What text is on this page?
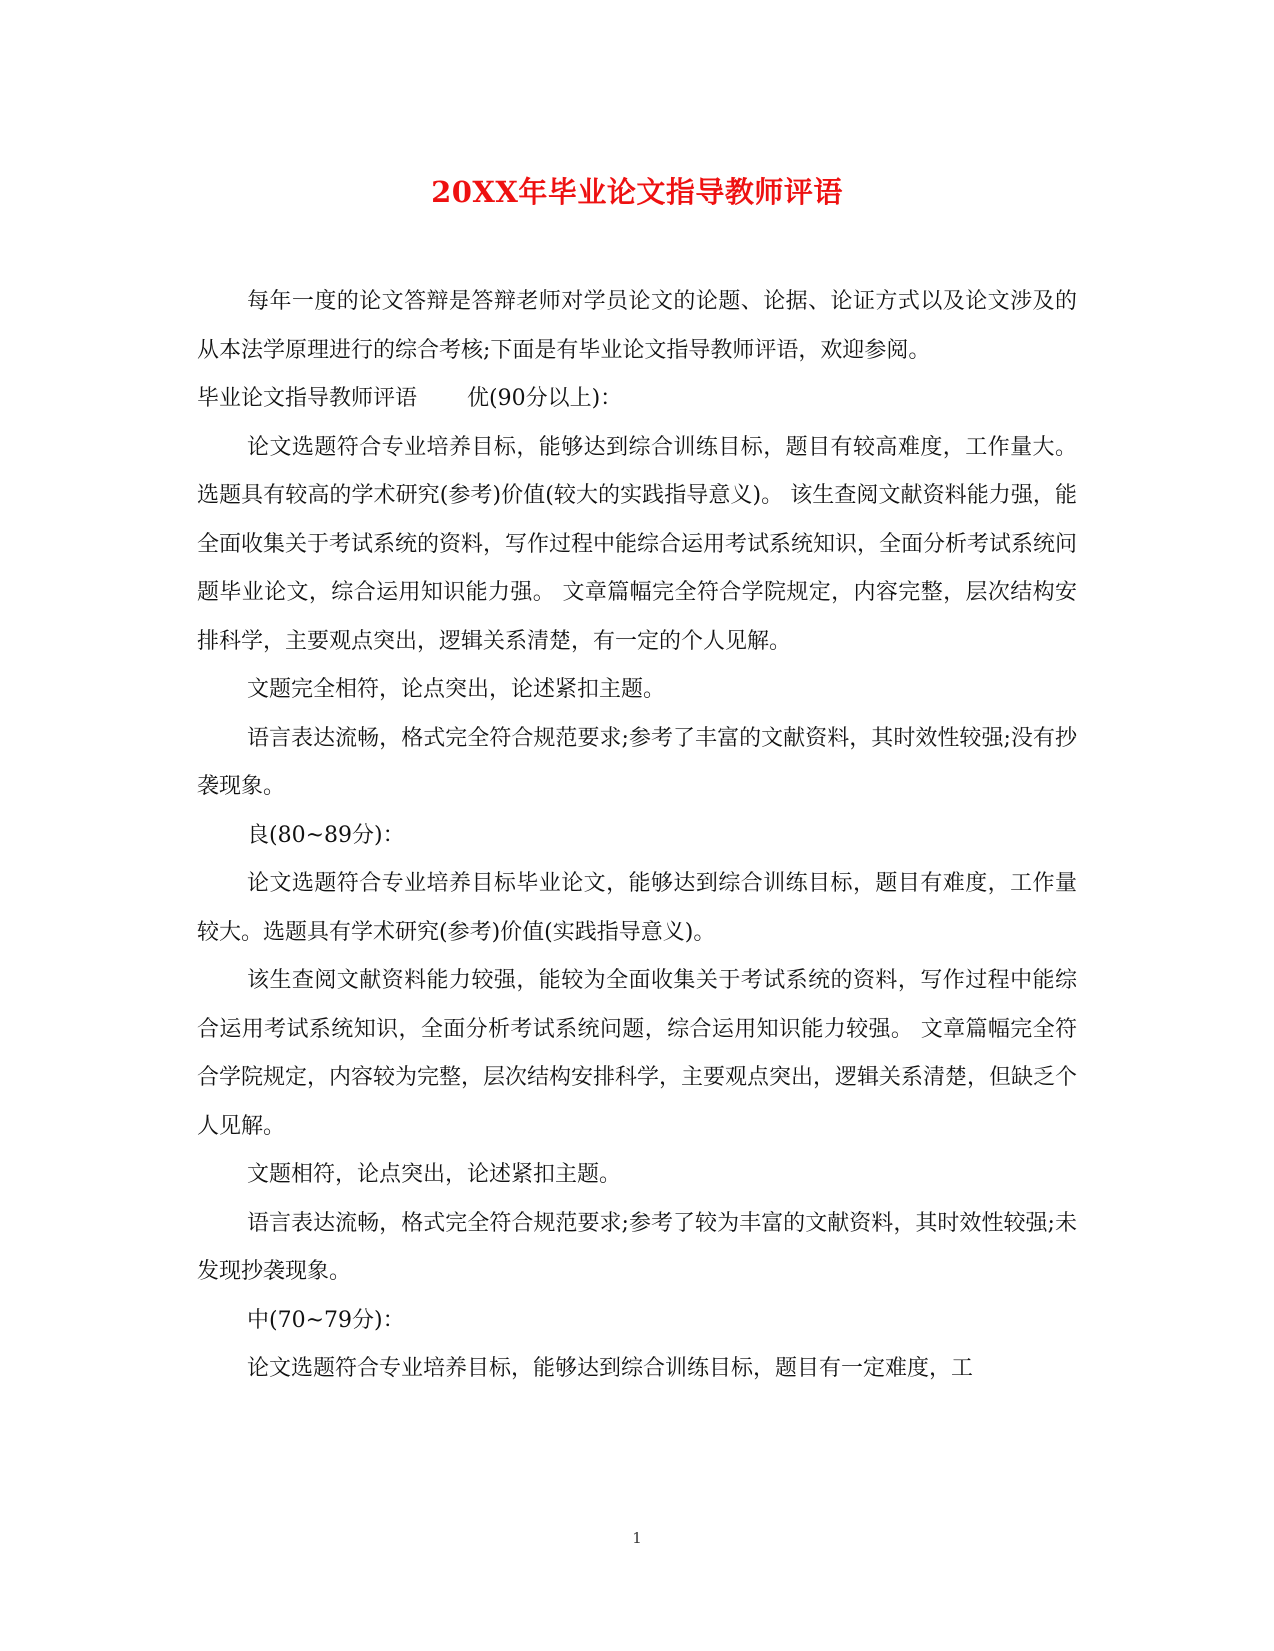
20XX年毕业论文指导教师评语

每年一度的论文答辩是答辩老师对学员论文的论题、论据、论证方式以及论文涉及的从本法学原理进行的综合考核;下面是有毕业论文指导教师评语，欢迎参阅。

毕业论文指导教师评语 优(90分以上)：

论文选题符合专业培养目标，能够达到综合训练目标，题目有较高难度，工作量大。选题具有较高的学术研究(参考)价值(较大的实践指导意义)。 该生查阅文献资料能力强，能全面收集关于考试系统的资料，写作过程中能综合运用考试系统知识，全面分析考试系统问题毕业论文，综合运用知识能力强。 文章篇幅完全符合学院规定，内容完整，层次结构安排科学，主要观点突出，逻辑关系清楚，有一定的个人见解。

文题完全相符，论点突出，论述紧扣主题。

语言表达流畅，格式完全符合规范要求;参考了丰富的文献资料，其时效性较强;没有抄袭现象。

良(80~89分)：

论文选题符合专业培养目标毕业论文，能够达到综合训练目标，题目有难度，工作量较大。选题具有学术研究(参考)价值(实践指导意义)。

该生查阅文献资料能力较强，能较为全面收集关于考试系统的资料，写作过程中能综合运用考试系统知识，全面分析考试系统问题，综合运用知识能力较强。 文章篇幅完全符合学院规定，内容较为完整，层次结构安排科学，主要观点突出，逻辑关系清楚，但缺乏个人见解。

文题相符，论点突出，论述紧扣主题。

语言表达流畅，格式完全符合规范要求;参考了较为丰富的文献资料，其时效性较强;未发现抄袭现象。

中(70~79分)：

论文选题符合专业培养目标，能够达到综合训练目标，题目有一定难度，工

1
